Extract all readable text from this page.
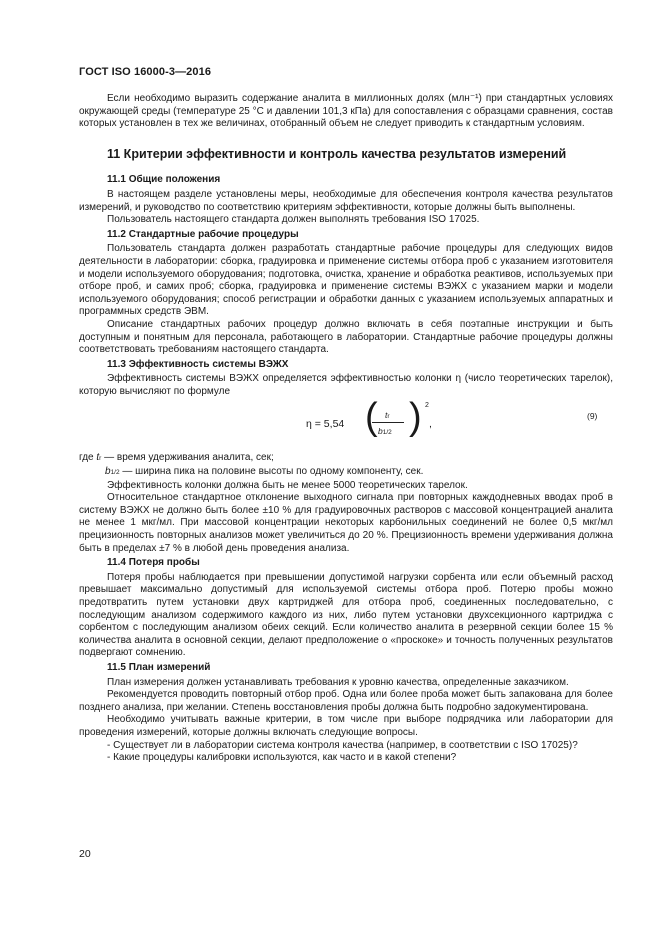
ГОСТ ISO 16000-3—2016

Если необходимо выразить содержание аналита в миллионных долях (млн⁻¹) при стандартных условиях окружающей среды (температуре 25 °С и давлении 101,3 кПа) для сопоставления с образцами сравнения, состав которых установлен в тех же величинах, отобранный объем не следует приводить к стандартным условиям.

11 Критерии эффективности и контроль качества результатов измерений
11.1 Общие положения

В настоящем разделе установлены меры, необходимые для обеспечения контроля качества результатов измерений, и руководство по соответствию критериям эффективности, которые должны быть выполнены.

Пользователь настоящего стандарта должен выполнять требования ISO 17025.

11.2 Стандартные рабочие процедуры

Пользователь стандарта должен разработать стандартные рабочие процедуры для следующих видов деятельности в лаборатории: сборка, градуировка и применение системы отбора проб с указанием изготовителя и модели используемого оборудования; подготовка, очистка, хранение и обработка реактивов, используемых при отборе проб, и самих проб; сборка, градуировка и применение системы ВЭЖХ с указанием марки и модели используемого оборудования; способ регистрации и обработки данных с указанием используемых аппаратных и программных средств ЭВМ.

Описание стандартных рабочих процедур должно включать в себя поэтапные инструкции и быть доступным и понятным для персонала, работающего в лаборатории. Стандартные рабочие процедуры должны соответствовать требованиям настоящего стандарта.

11.3 Эффективность системы ВЭЖХ

Эффективность системы ВЭЖХ определяется эффективностью колонки η (число теоретических тарелок), которую вычисляют по формуле

η = 5,54 ( tr
b1/2 ) 2
,
(9)

где tr — время удерживания аналита, сек;

b1/2 — ширина пика на половине высоты по одному компоненту, сек.

Эффективность колонки должна быть не менее 5000 теоретических тарелок.

Относительное стандартное отклонение выходного сигнала при повторных каждодневных вводах проб в систему ВЭЖХ не должно быть более ±10 % для градуировочных растворов с массовой концентрацией аналита не менее 1 мкг/мл. При массовой концентрации некоторых карбонильных соединений не более 0,5 мкг/мл прецизионность повторных анализов может увеличиться до 20 %. Прецизионность времени удерживания должна быть в пределах ±7 % в любой день проведения анализа.

11.4 Потеря пробы

Потеря пробы наблюдается при превышении допустимой нагрузки сорбента или если объемный расход превышает максимально допустимый для используемой системы отбора проб. Потерю пробы можно предотвратить путем установки двух картриджей для отбора проб, соединенных последовательно, с последующим анализом содержимого каждого из них, либо путем установки двухсекционного картриджа с сорбентом с последующим анализом обеих секций. Если количество аналита в резервной секции более 15 % количества аналита в основной секции, делают предположение о «проскоке» и точность полученных результатов подвергают сомнению.

11.5 План измерений

План измерения должен устанавливать требования к уровню качества, определенные заказчиком.

Рекомендуется проводить повторный отбор проб. Одна или более проба может быть запакована для более позднего анализа, при желании. Степень восстановления пробы должна быть подробно задокументирована.

Необходимо учитывать важные критерии, в том числе при выборе подрядчика или лаборатории для проведения измерений, которые должны включать следующие вопросы.

- Существует ли в лаборатории система контроля качества (например, в соответствии с ISO 17025)?

- Какие процедуры калибровки используются, как часто и в какой степени?

20
